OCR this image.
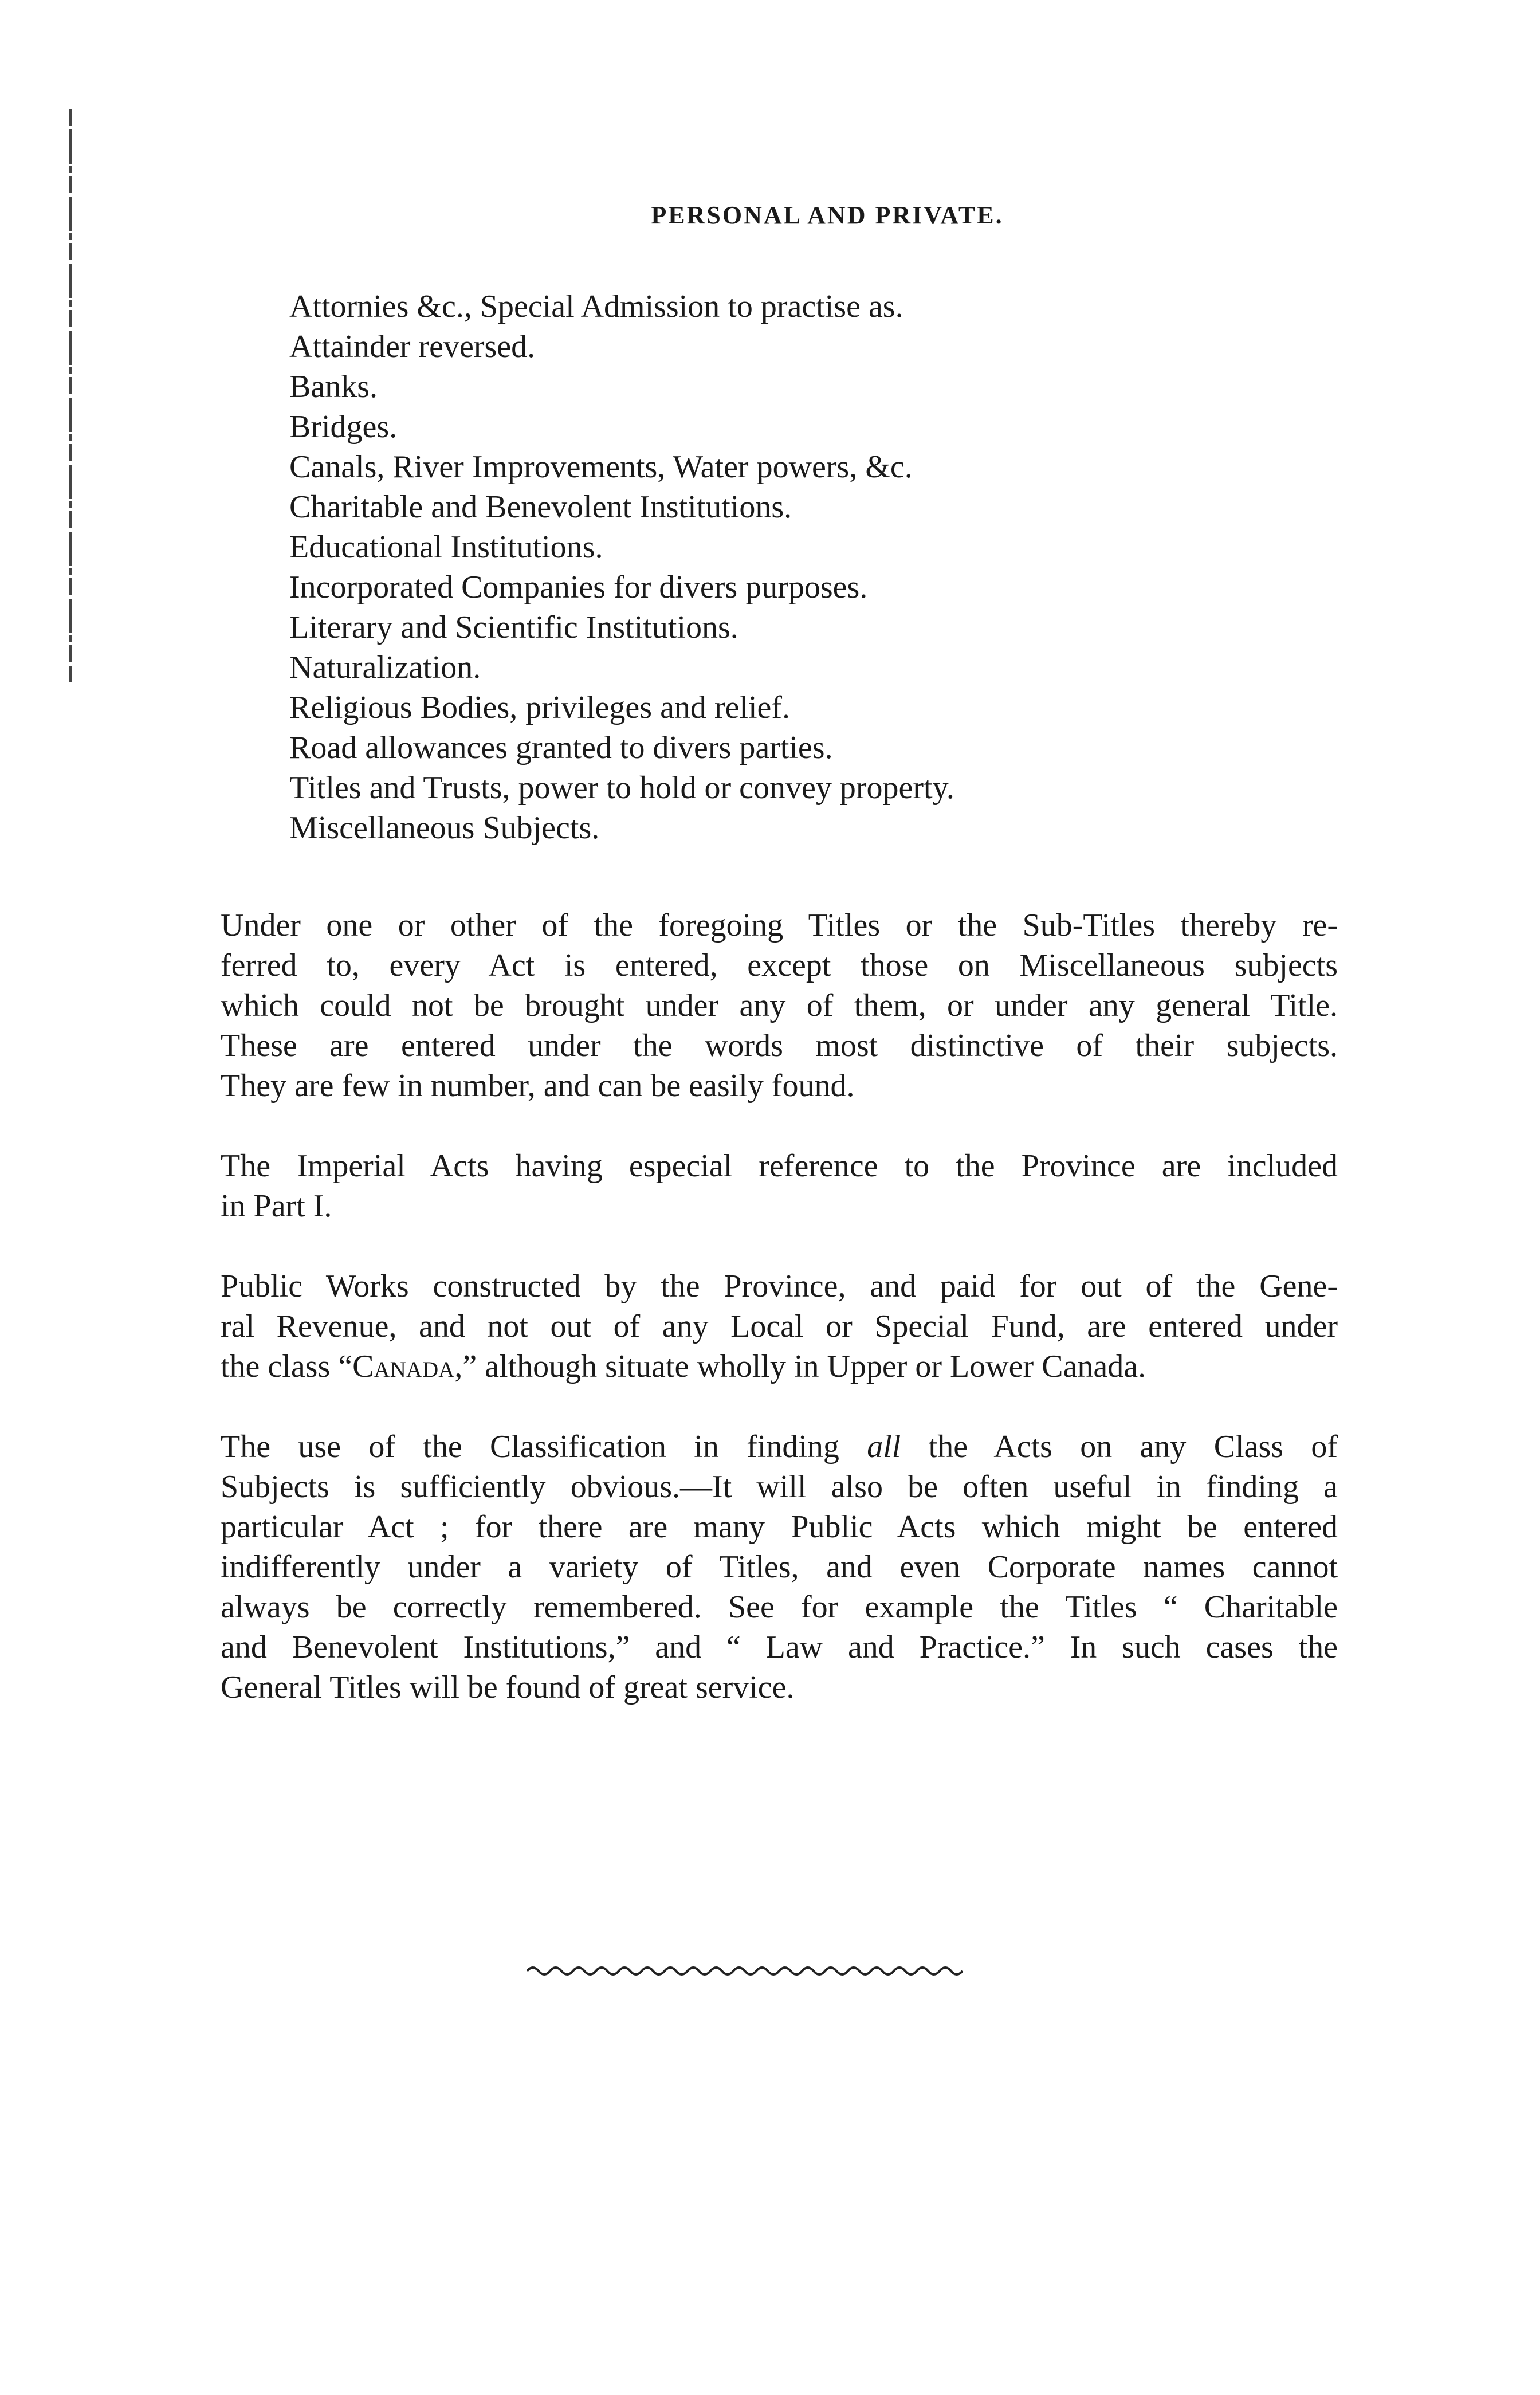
PERSONAL AND PRIVATE.
Attornies &c., Special Admission to practise as.
Attainder reversed.
Banks.
Bridges.
Canals, River Improvements, Water powers, &c.
Charitable and Benevolent Institutions.
Educational Institutions.
Incorporated Companies for divers purposes.
Literary and Scientific Institutions.
Naturalization.
Religious Bodies, privileges and relief.
Road allowances granted to divers parties.
Titles and Trusts, power to hold or convey property.
Miscellaneous Subjects.

Under one or other of the foregoing Titles or the Sub-Titles thereby re-
ferred to, every Act is entered, except those on Miscellaneous subjects
which could not be brought under any of them, or under any general Title.
These are entered under the words most distinctive of their subjects.
They are few in number, and can be easily found.

The Imperial Acts having especial reference to the Province are included
in Part I.

Public Works constructed by the Province, and paid for out of the Gene-
ral Revenue, and not out of any Local or Special Fund, are entered under
the class “Canada,” although situate wholly in Upper or Lower Canada.

The use of the Classification in finding all the Acts on any Class of
Subjects is sufficiently obvious.—It will also be often useful in finding a
particular Act ; for there are many Public Acts which might be entered
indifferently under a variety of Titles, and even Corporate names cannot
always be correctly remembered. See for example the Titles “ Charitable
and Benevolent Institutions,” and “ Law and Practice.” In such cases the
General Titles will be found of great service.
